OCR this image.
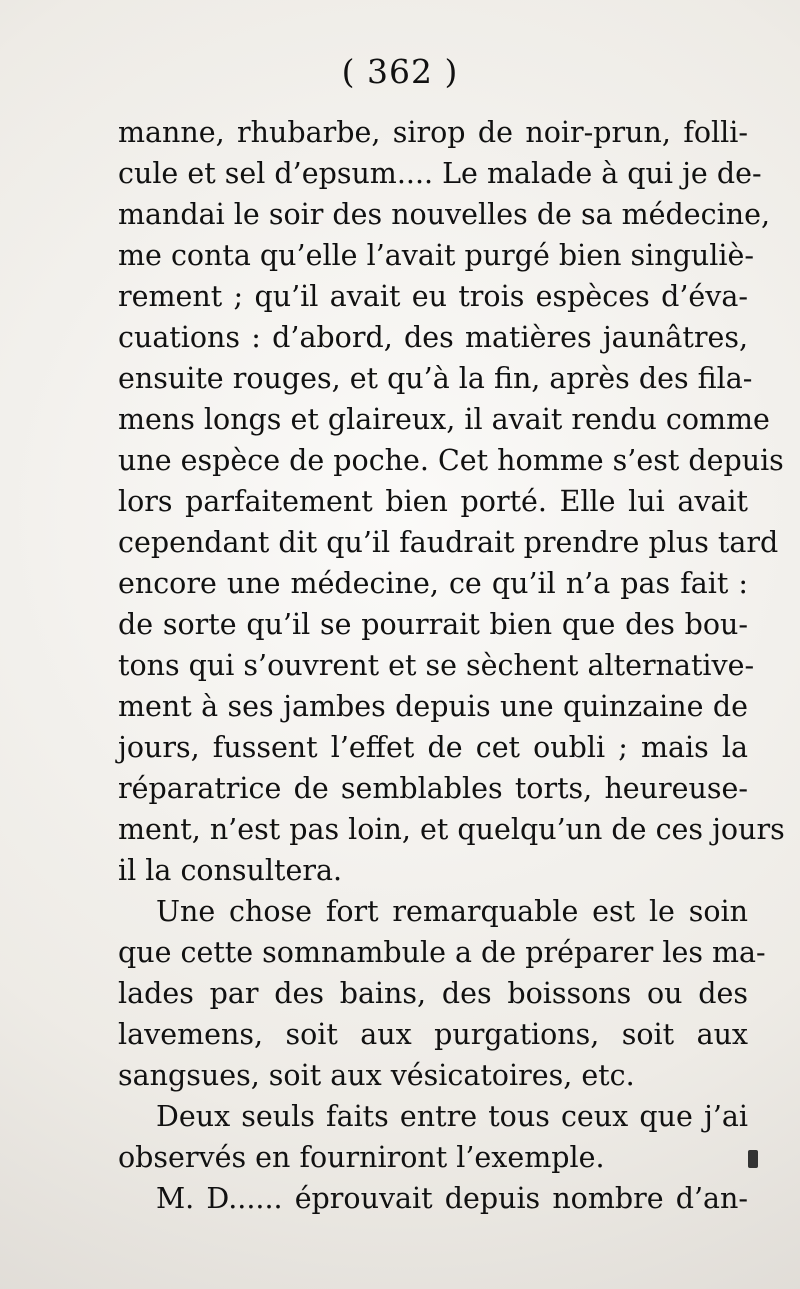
( 362 )
manne, rhubarbe, sirop de noir-prun, folli-
cule et sel d’epsum.... Le malade à qui je de-
mandai le soir des nouvelles de sa médecine,
me conta qu’elle l’avait purgé bien singuliè-
rement ; qu’il avait eu trois espèces d’éva-
cuations : d’abord, des matières jaunâtres,
ensuite rouges, et qu’à la fin, après des fila-
mens longs et glaireux, il avait rendu comme
une espèce de poche. Cet homme s’est depuis
lors parfaitement bien porté. Elle lui avait
cependant dit qu’il faudrait prendre plus tard
encore une médecine, ce qu’il n’a pas fait :
de sorte qu’il se pourrait bien que des bou-
tons qui s’ouvrent et se sèchent alternative-
ment à ses jambes depuis une quinzaine de
jours, fussent l’effet de cet oubli ; mais la
réparatrice de semblables torts, heureuse-
ment, n’est pas loin, et quelqu’un de ces jours
il la consultera.
Une chose fort remarquable est le soin
que cette somnambule a de préparer les ma-
lades par des bains, des boissons ou des
lavemens, soit aux purgations, soit aux
sangsues, soit aux vésicatoires, etc.
Deux seuls faits entre tous ceux que j’ai
observés en fourniront l’exemple.
M. D...... éprouvait depuis nombre d’an-
